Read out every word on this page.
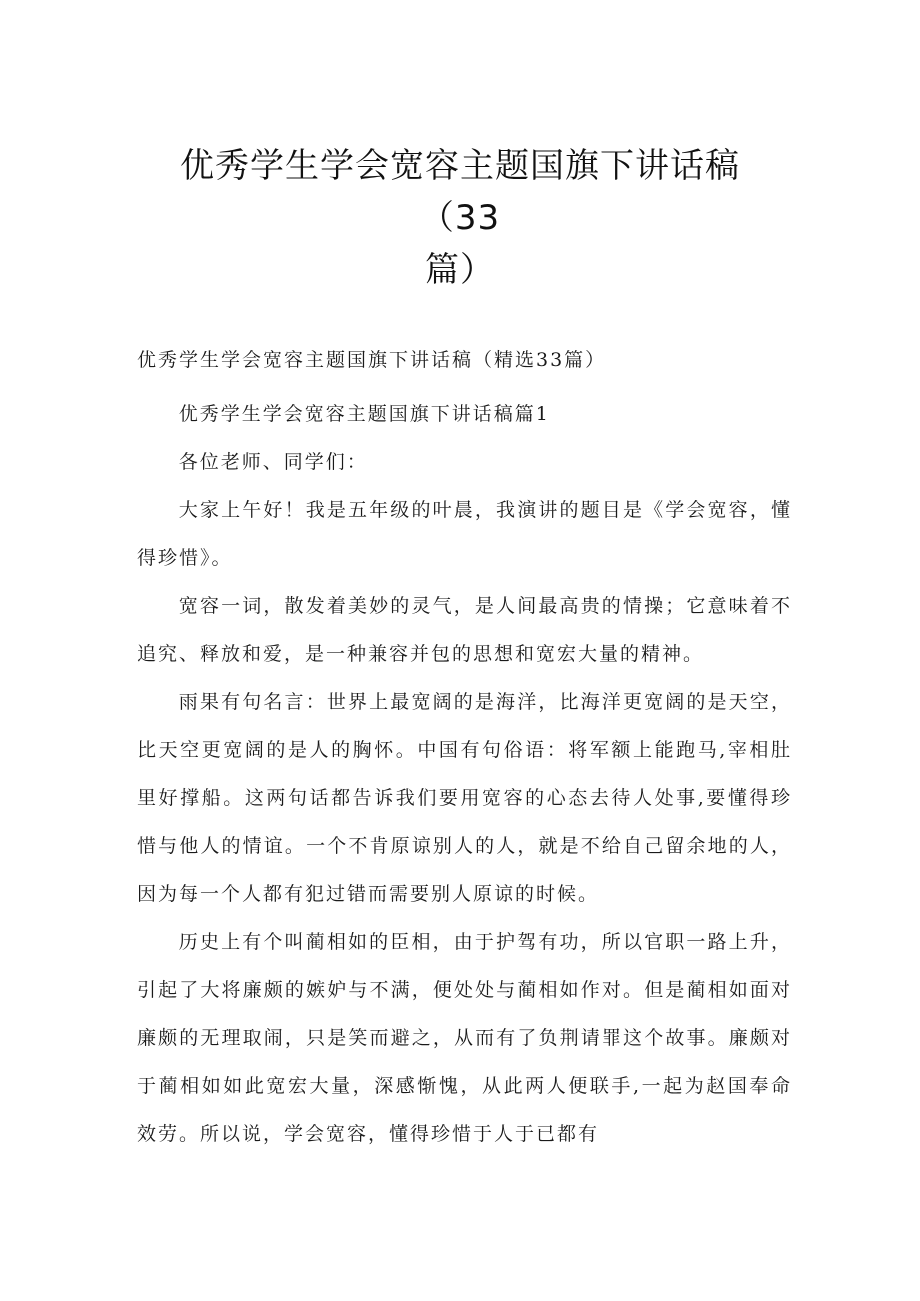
优秀学生学会宽容主题国旗下讲话稿（33
篇）
优秀学生学会宽容主题国旗下讲话稿（精选33篇）

优秀学生学会宽容主题国旗下讲话稿篇1

各位老师、同学们：

大家上午好！我是五年级的叶晨，我演讲的题目是《学会宽容，懂得珍惜》。

宽容一词，散发着美妙的灵气，是人间最高贵的情操；它意味着不追究、释放和爱，是一种兼容并包的思想和宽宏大量的精神。

雨果有句名言：世界上最宽阔的是海洋，比海洋更宽阔的是天空，比天空更宽阔的是人的胸怀。中国有句俗语：将军额上能跑马,宰相肚里好撑船。这两句话都告诉我们要用宽容的心态去待人处事,要懂得珍惜与他人的情谊。一个不肯原谅别人的人，就是不给自己留余地的人，因为每一个人都有犯过错而需要别人原谅的时候。

历史上有个叫蔺相如的臣相，由于护驾有功，所以官职一路上升，引起了大将廉颇的嫉妒与不满，便处处与蔺相如作对。但是蔺相如面对廉颇的无理取闹，只是笑而避之，从而有了负荆请罪这个故事。廉颇对于蔺相如如此宽宏大量，深感惭愧，从此两人便联手,一起为赵国奉命效劳。所以说，学会宽容，懂得珍惜于人于已都有
